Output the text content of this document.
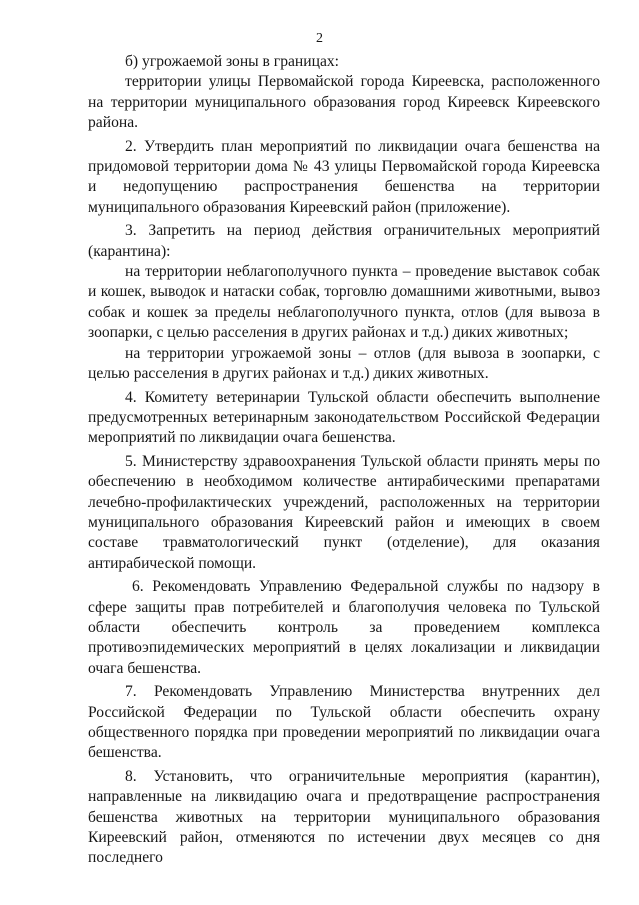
2

б) угрожаемой зоны в границах:

территории улицы Первомайской города Киреевска, расположенного на территории муниципального образования город Киреевск Киреевского района.

2. Утвердить план мероприятий по ликвидации очага бешенства на придомовой территории дома № 43 улицы Первомайской города Киреевска и недопущению распространения бешенства на территории муниципального образования Киреевский район (приложение).

3. Запретить на период действия ограничительных мероприятий (карантина):

на территории неблагополучного пункта – проведение выставок собак и кошек, выводок и натаски собак, торговлю домашними животными, вывоз собак и кошек за пределы неблагополучного пункта, отлов (для вывоза в зоопарки, с целью расселения в других районах и т.д.) диких животных;

на территории угрожаемой зоны – отлов (для вывоза в зоопарки, с целью расселения в других районах и т.д.) диких животных.

4. Комитету ветеринарии Тульской области обеспечить выполнение предусмотренных ветеринарным законодательством Российской Федерации мероприятий по ликвидации очага бешенства.

5. Министерству здравоохранения Тульской области принять меры по обеспечению в необходимом количестве антирабическими препаратами лечебно-профилактических учреждений, расположенных на территории муниципального образования Киреевский район и имеющих в своем составе травматологический пункт (отделение), для оказания антирабической помощи.

6. Рекомендовать Управлению Федеральной службы по надзору в сфере защиты прав потребителей и благополучия человека по Тульской области обеспечить контроль за проведением комплекса противоэпидемических мероприятий в целях локализации и ликвидации очага бешенства.

7. Рекомендовать Управлению Министерства внутренних дел Российской Федерации по Тульской области обеспечить охрану общественного порядка при проведении мероприятий по ликвидации очага бешенства.

8. Установить, что ограничительные мероприятия (карантин), направленные на ликвидацию очага и предотвращение распространения бешенства животных на территории муниципального образования Киреевский район, отменяются по истечении двух месяцев со дня последнего
